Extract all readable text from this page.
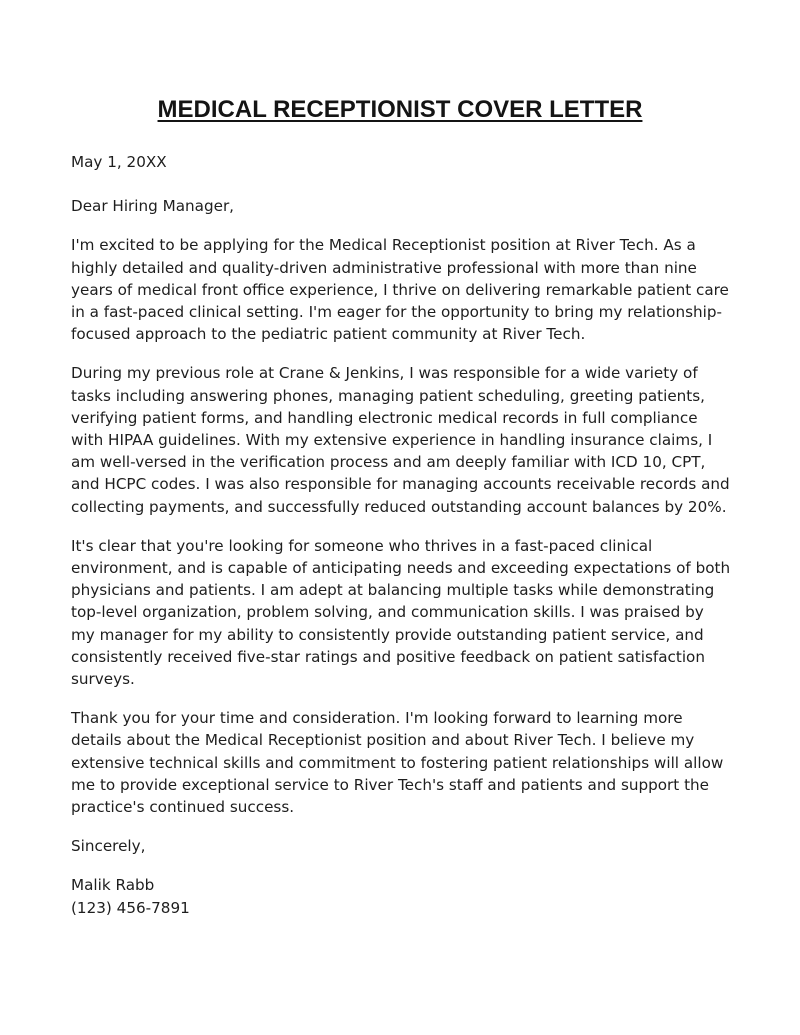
MEDICAL RECEPTIONIST COVER LETTER

May 1, 20XX

Dear Hiring Manager,

I'm excited to be applying for the Medical Receptionist position at River Tech. As a highly detailed and quality-driven administrative professional with more than nine years of medical front office experience, I thrive on delivering remarkable patient care in a fast-paced clinical setting. I'm eager for the opportunity to bring my relationship-focused approach to the pediatric patient community at River Tech.

During my previous role at Crane & Jenkins, I was responsible for a wide variety of tasks including answering phones, managing patient scheduling, greeting patients, verifying patient forms, and handling electronic medical records in full compliance with HIPAA guidelines. With my extensive experience in handling insurance claims, I am well-versed in the verification process and am deeply familiar with ICD 10, CPT, and HCPC codes. I was also responsible for managing accounts receivable records and collecting payments, and successfully reduced outstanding account balances by 20%.

It's clear that you're looking for someone who thrives in a fast-paced clinical environment, and is capable of anticipating needs and exceeding expectations of both physicians and patients. I am adept at balancing multiple tasks while demonstrating top-level organization, problem solving, and communication skills. I was praised by my manager for my ability to consistently provide outstanding patient service, and consistently received five-star ratings and positive feedback on patient satisfaction surveys.

Thank you for your time and consideration. I'm looking forward to learning more details about the Medical Receptionist position and about River Tech. I believe my extensive technical skills and commitment to fostering patient relationships will allow me to provide exceptional service to River Tech's staff and patients and support the practice's continued success.

Sincerely,

Malik Rabb

(123) 456-7891
